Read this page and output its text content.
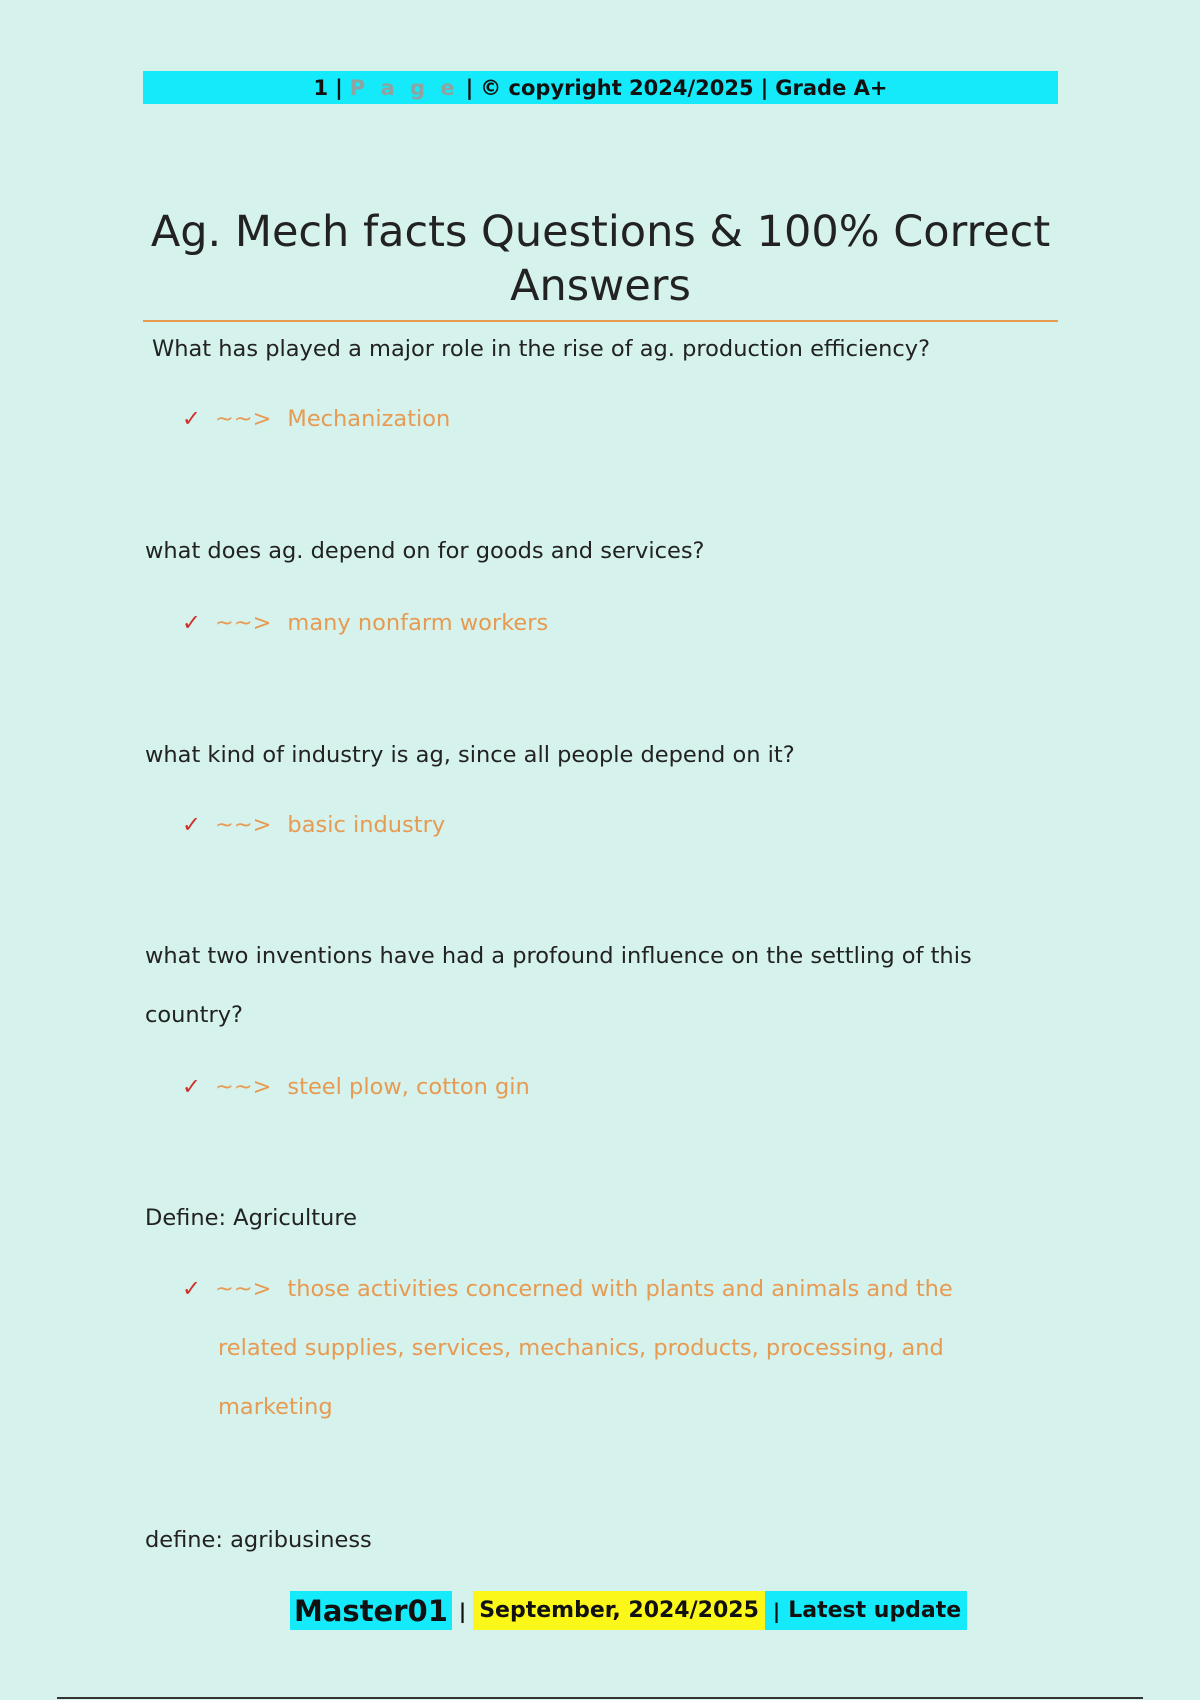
1 | P a g e | © copyright 2024/2025 | Grade A+
Ag. Mech facts Questions & 100% Correct Answers
What has played a major role in the rise of ag. production efficiency?
✓ ~~> Mechanization
what does ag. depend on for goods and services?
✓ ~~> many nonfarm workers
what kind of industry is ag, since all people depend on it?
✓ ~~> basic industry
what two inventions have had a profound influence on the settling of this
country?
✓ ~~> steel plow, cotton gin
Define: Agriculture
✓ ~~> those activities concerned with plants and animals and the
related supplies, services, mechanics, products, processing, and
marketing
define: agribusiness
Master01 | September, 2024/2025 | Latest update
